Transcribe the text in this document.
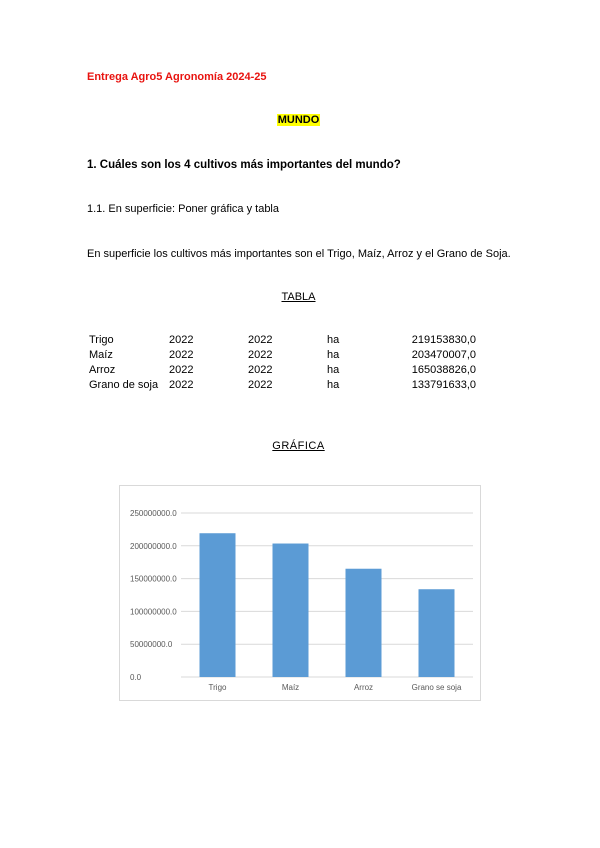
Entrega Agro5 Agronomía 2024-25
MUNDO
1. Cuáles son los 4 cultivos más importantes del mundo?
1.1. En superficie: Poner gráfica y tabla
En superficie los cultivos más importantes son el Trigo, Maíz, Arroz y el Grano de Soja.
TABLA
Trigo	2022	2022	ha	219153830,0
Maíz	2022	2022	ha	203470007,0
Arroz	2022	2022	ha	165038826,0
Grano de soja	2022	2022	ha	133791633,0
GRÁFICA
0.0
50000000.0
100000000.0
150000000.0
200000000.0
250000000.0
Trigo	Maíz	Arroz	Grano se soja
